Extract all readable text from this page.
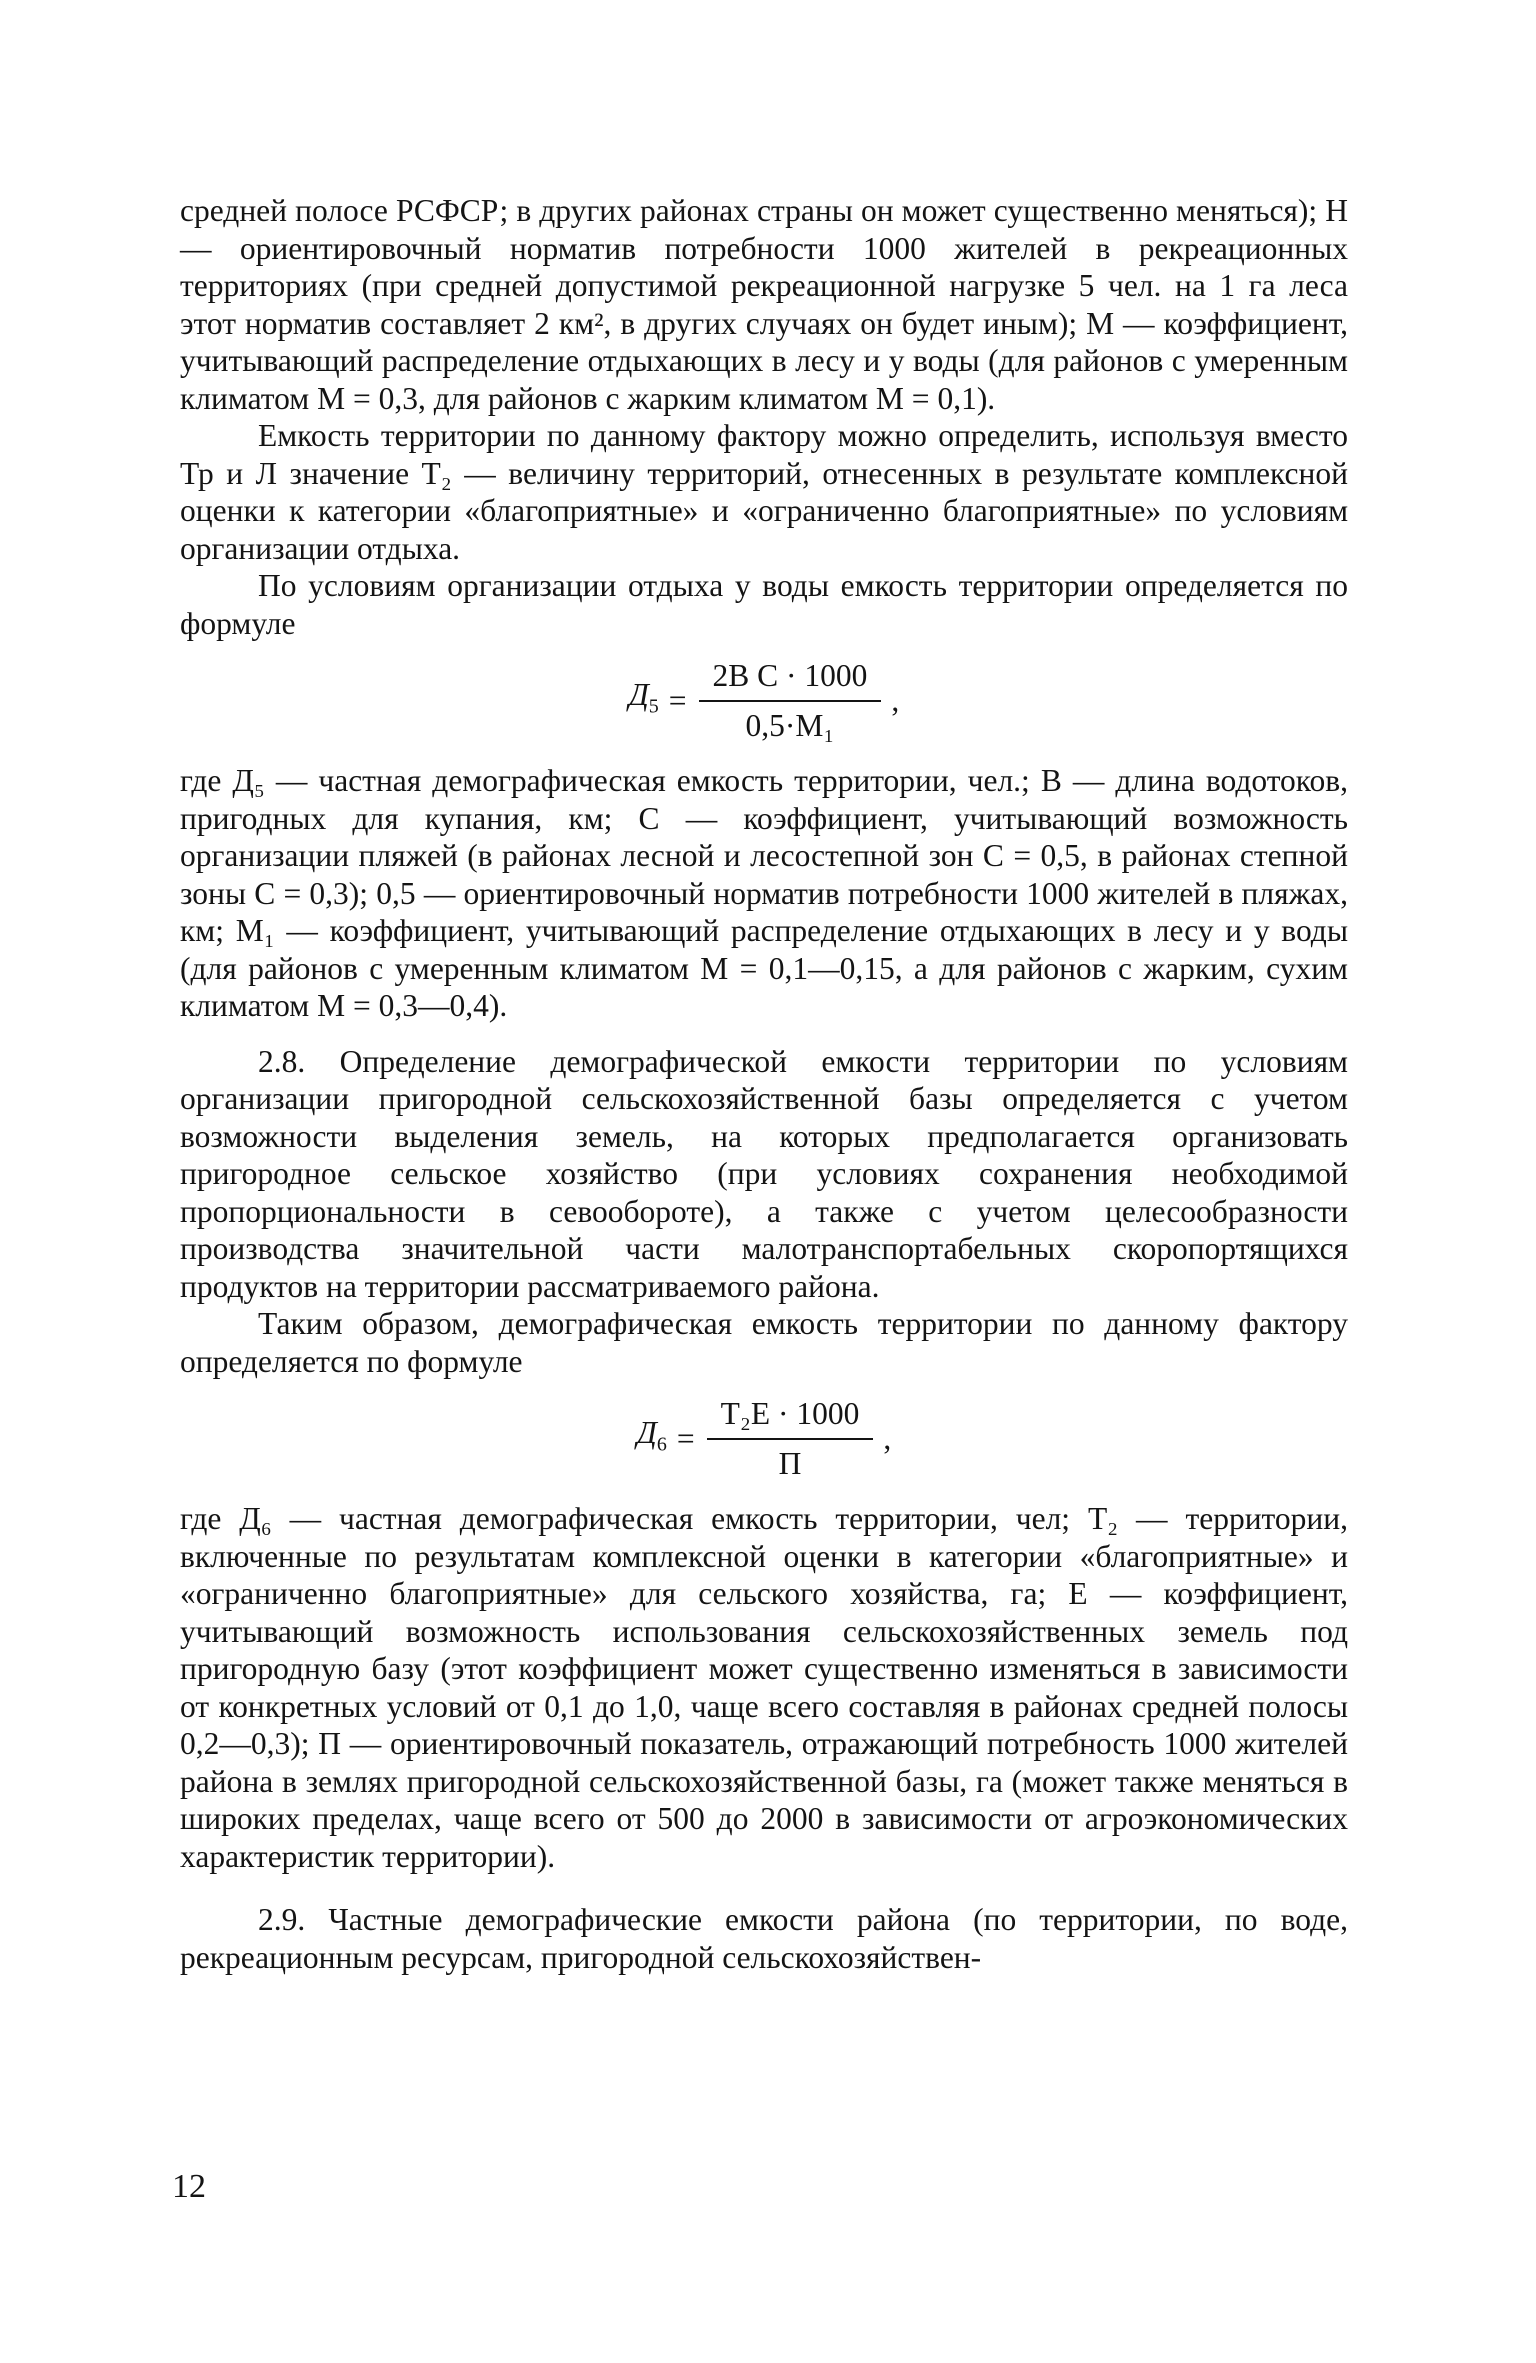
средней полосе РСФСР; в других районах страны он может существенно меняться); Н — ориентировочный норматив потребности 1000 жителей в рекреационных территориях (при средней допустимой рекреационной нагрузке 5 чел. на 1 га леса этот норматив составляет 2 км², в других случаях он будет иным); М — коэффициент, учитывающий распределение отдыхающих в лесу и у воды (для районов с умеренным климатом М = 0,3, для районов с жарким климатом М = 0,1).

Емкость территории по данному фактору можно определить, используя вместо Тр и Л значение Т₂ — величину территорий, отнесенных в результате комплексной оценки к категории «благоприятные» и «ограниченно благоприятные» по условиям организации отдыха.

По условиям организации отдыха у воды емкость территории определяется по формуле

$Д_5 = \frac{\text{2В С · 1000}}{\text{0,5·М₁}}$ ,

где Д₅ — частная демографическая емкость территории, чел.; В — длина водотоков, пригодных для купания, км; С — коэффициент, учитывающий возможность организации пляжей (в районах лесной и лесостепной зон С = 0,5, в районах степной зоны С = 0,3); 0,5 — ориентировочный норматив потребности 1000 жителей в пляжах, км; М₁ — коэффициент, учитывающий распределение отдыхающих в лесу и у воды (для районов с умеренным климатом М = 0,1—0,15, а для районов с жарким, сухим климатом М = 0,3—0,4).

2.8. Определение демографической емкости территории по условиям организации пригородной сельскохозяйственной базы определяется с учетом возможности выделения земель, на которых предполагается организовать пригородное сельское хозяйство (при условиях сохранения необходимой пропорциональности в севообороте), а также с учетом целесообразности производства значительной части малотранспортабельных скоропортящихся продуктов на территории рассматриваемого района.

Таким образом, демографическая емкость территории по данному фактору определяется по формуле

$Д_6 = \frac{\text{Т₂Е · 1000}}{П}$ ,

где Д₆ — частная демографическая емкость территории, чел; Т₂ — территории, включенные по результатам комплексной оценки в категории «благоприятные» и «ограниченно благоприятные» для сельского хозяйства, га; Е — коэффициент, учитывающий возможность использования сельскохозяйственных земель под пригородную базу (этот коэффициент может существенно изменяться в зависимости от конкретных условий от 0,1 до 1,0, чаще всего составляя в районах средней полосы 0,2—0,3); П — ориентировочный показатель, отражающий потребность 1000 жителей района в землях пригородной сельскохозяйственной базы, га (может также меняться в широких пределах, чаще всего от 500 до 2000 в зависимости от агроэкономических характеристик территории).

2.9. Частные демографические емкости района (по территории, по воде, рекреационным ресурсам, пригородной сельскохозяйствен-

12
